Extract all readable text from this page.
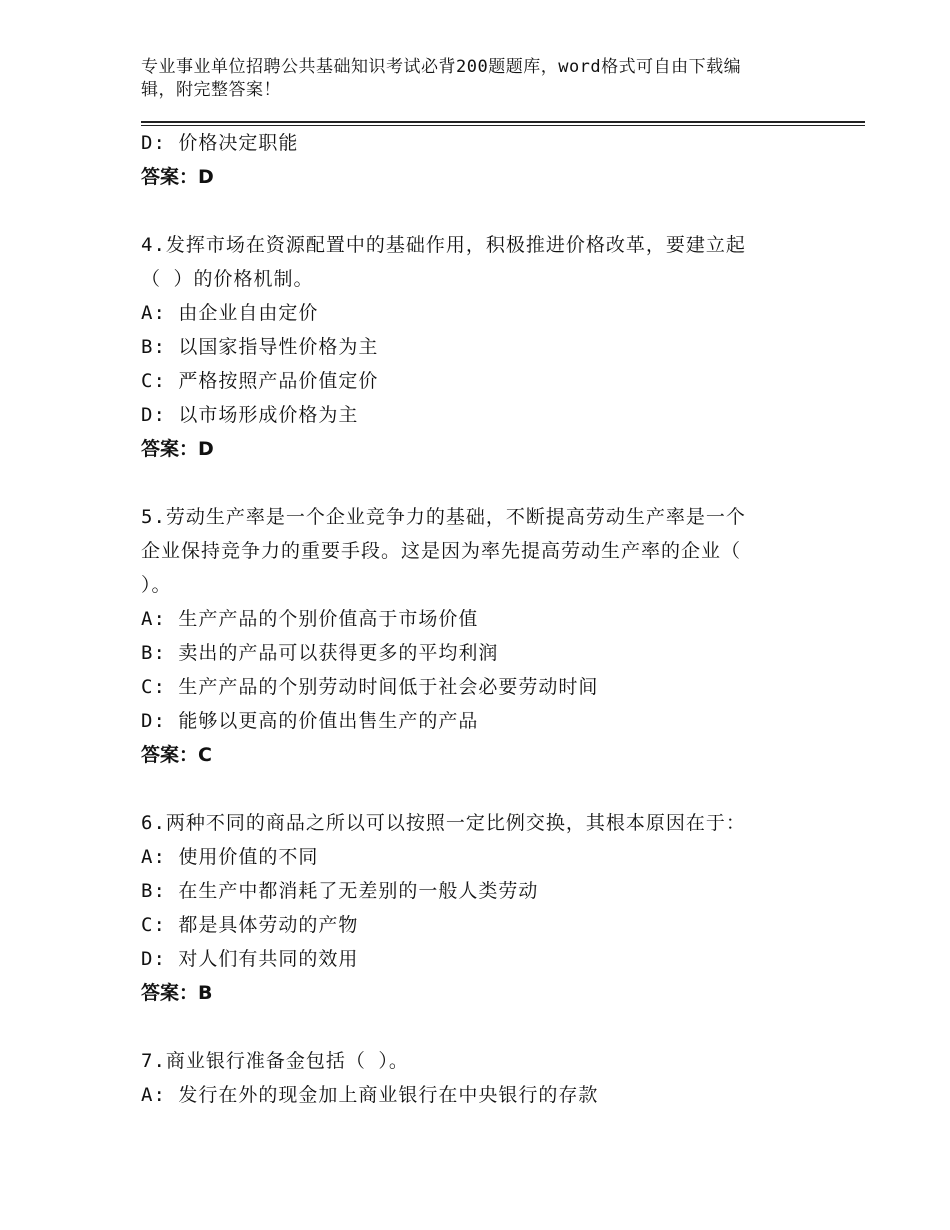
专业事业单位招聘公共基础知识考试必背200题题库，word格式可自由下载编
辑，附完整答案！
D: 价格决定职能
答案：D
4.发挥市场在资源配置中的基础作用，积极推进价格改革，要建立起
（ ）的价格机制。
A: 由企业自由定价
B: 以国家指导性价格为主
C: 严格按照产品价值定价
D: 以市场形成价格为主
答案：D
5.劳动生产率是一个企业竞争力的基础，不断提高劳动生产率是一个
企业保持竞争力的重要手段。这是因为率先提高劳动生产率的企业（
）。
A: 生产产品的个别价值高于市场价值
B: 卖出的产品可以获得更多的平均利润
C: 生产产品的个别劳动时间低于社会必要劳动时间
D: 能够以更高的价值出售生产的产品
答案：C
6.两种不同的商品之所以可以按照一定比例交换，其根本原因在于：
A: 使用价值的不同
B: 在生产中都消耗了无差别的一般人类劳动
C: 都是具体劳动的产物
D: 对人们有共同的效用
答案：B
7.商业银行准备金包括（ ）。
A: 发行在外的现金加上商业银行在中央银行的存款
